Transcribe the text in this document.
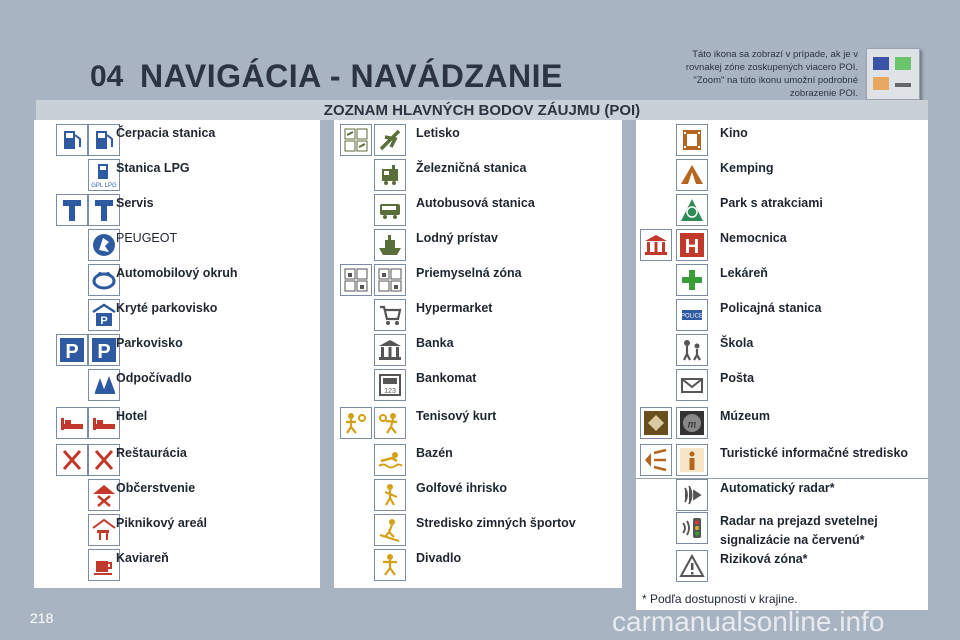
04 NAVIGÁCIA - NAVÁDZANIE
Táto ikona sa zobrazí v prípade, ak je v rovnakej zóne zoskupených viacero POI. "Zoom" na túto ikonu umožní podrobné zobrazenie POI.
ZOZNAM HLAVNÝCH BODOV ZÁUJMU (POI)
Čerpacia stanica
GPL LPG
Stanica LPG
Servis
PEUGEOT
Automobilový okruh
P
Kryté parkovisko
P P Parkovisko
Odpočívadlo
Hotel
Reštaurácia
Občerstvenie
Piknikový areál
Kaviareň
Letisko
Železničná stanica
Autobusová stanica
Lodný prístav
Priemyselná zóna
Hypermarket
Banka
123
Bankomat
Tenisový kurt
Bazén
Golfové ihrisko
Stredisko zimných športov
Divadlo
Kino
Kemping
Park s atrakciami
H Nemocnica
Lekáreň
POLICE
Policajná stanica
Škola
Pošta
m
Múzeum
Turistické informačné stredisko
Automatický radar*
Radar na prejazd svetelnej
signalizácie na červenú*
Riziková zóna*
* Podľa dostupnosti v krajine.
218	carmanualsonline.info
